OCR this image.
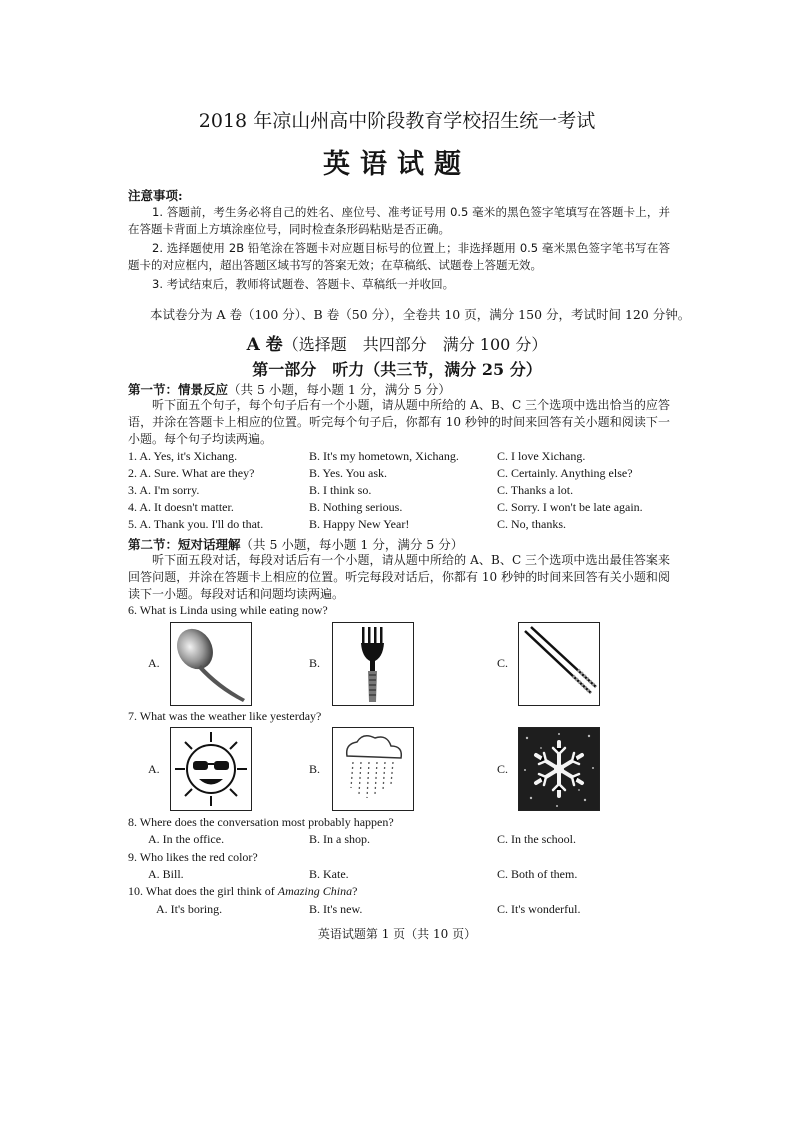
2018 年凉山州高中阶段教育学校招生统一考试
英语试题
注意事项:
1. 答题前，考生务必将自己的姓名、座位号、准考证号用 0.5 毫米的黑色签字笔填写在答题卡上，并在答题卡背面上方填涂座位号，同时检查条形码粘贴是否正确。
2. 选择题使用 2B 铅笔涂在答题卡对应题目标号的位置上；非选择题用 0.5 毫米黑色签字笔书写在答题卡的对应框内，超出答题区域书写的答案无效；在草稿纸、试题卷上答题无效。
3. 考试结束后，教师将试题卷、答题卡、草稿纸一并收回。
本试卷分为 A 卷（100 分）、B 卷（50 分），全卷共 10 页，满分 150 分，考试时间 120 分钟。
A 卷（选择题　共四部分　满分 100 分）
第一部分　听力（共三节，满分 25 分）
第一节：情景反应（共 5 小题，每小题 1 分，满分 5 分）
听下面五个句子，每个句子后有一个小题，请从题中所给的 A、B、C 三个选项中选出恰当的应答语，并涂在答题卡上相应的位置。听完每个句子后，你都有 10 秒钟的时间来回答有关小题和阅读下一小题。每个句子均读两遍。
1. A. Yes, it's Xichang.	B. It's my hometown, Xichang.	C. I love Xichang.
2. A. Sure. What are they?	B. Yes. You ask.	C. Certainly. Anything else?
3. A. I'm sorry.	B. I think so.	C. Thanks a lot.
4. A. It doesn't matter.	B. Nothing serious.	C. Sorry. I won't be late again.
5. A. Thank you. I'll do that.	B. Happy New Year!	C. No, thanks.
第二节：短对话理解（共 5 小题，每小题 1 分，满分 5 分）
听下面五段对话，每段对话后有一个小题，请从题中所给的 A、B、C 三个选项中选出最佳答案来回答问题，并涂在答题卡上相应的位置。听完每段对话后，你都有 10 秒钟的时间来回答有关小题和阅读下一小题。每段对话和问题均读两遍。
6. What is Linda using while eating now?
A.	B.	C.
7. What was the weather like yesterday?
A.	B.	C.
8. Where does the conversation most probably happen?
A. In the office.	B. In a shop.	C. In the school.
9. Who likes the red color?
A. Bill.	B. Kate.	C. Both of them.
10. What does the girl think of Amazing China?
A. It's boring.	B. It's new.	C. It's wonderful.
英语试题第 1 页（共 10 页）
